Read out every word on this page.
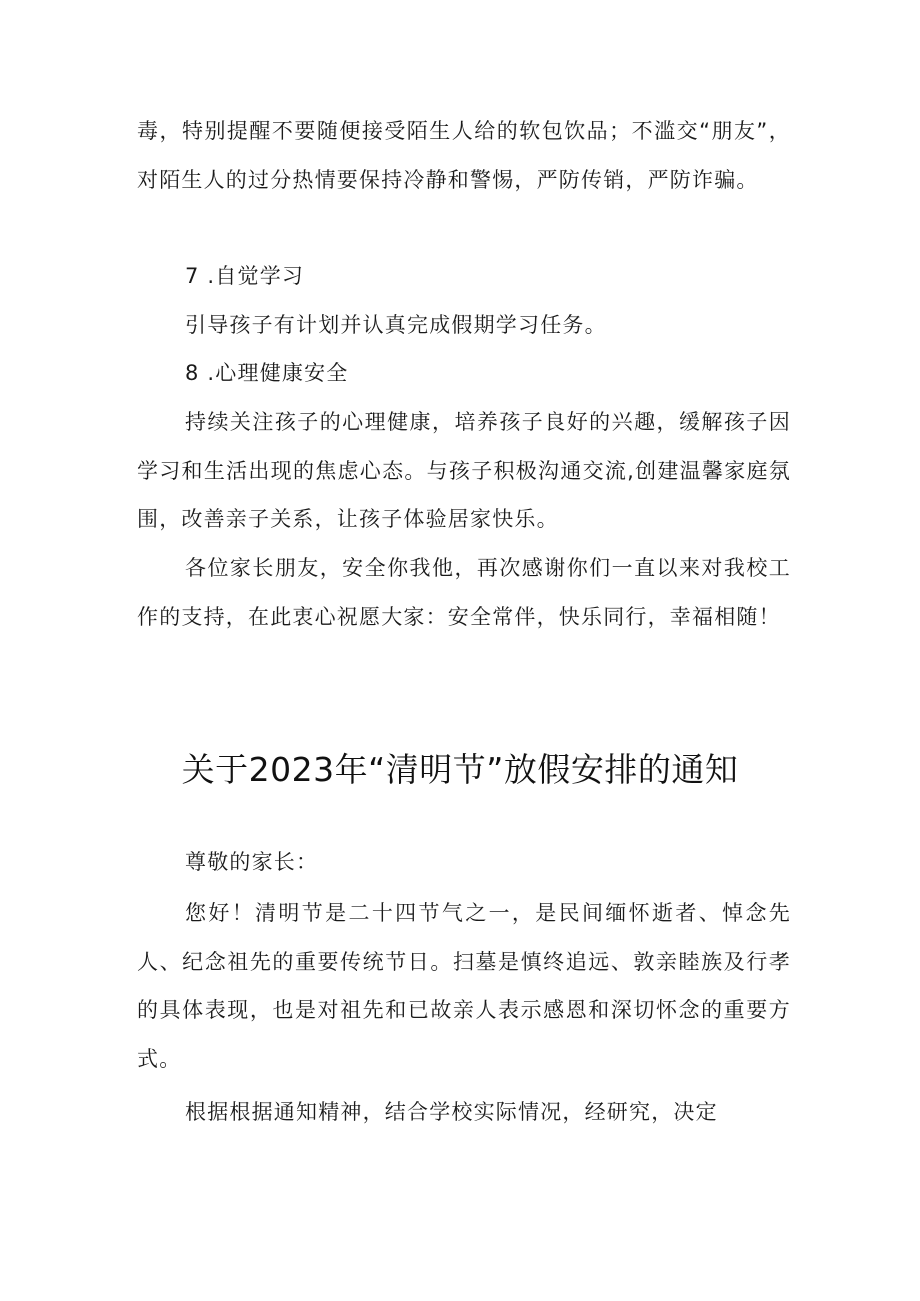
毒，特别提醒不要随便接受陌生人给的软包饮品；不滥交“朋友”，对陌生人的过分热情要保持冷静和警惕，严防传销，严防诈骗。

7 .自觉学习

引导孩子有计划并认真完成假期学习任务。

8 .心理健康安全

持续关注孩子的心理健康，培养孩子良好的兴趣，缓解孩子因学习和生活出现的焦虑心态。与孩子积极沟通交流,创建温馨家庭氛围，改善亲子关系，让孩子体验居家快乐。

各位家长朋友，安全你我他，再次感谢你们一直以来对我校工作的支持，在此衷心祝愿大家：安全常伴，快乐同行，幸福相随！

关于2023年“清明节”放假安排的通知

尊敬的家长：

您好！清明节是二十四节气之一，是民间缅怀逝者、悼念先人、纪念祖先的重要传统节日。扫墓是慎终追远、敦亲睦族及行孝的具体表现，也是对祖先和已故亲人表示感恩和深切怀念的重要方式。

根据根据通知精神，结合学校实际情况，经研究，决定
